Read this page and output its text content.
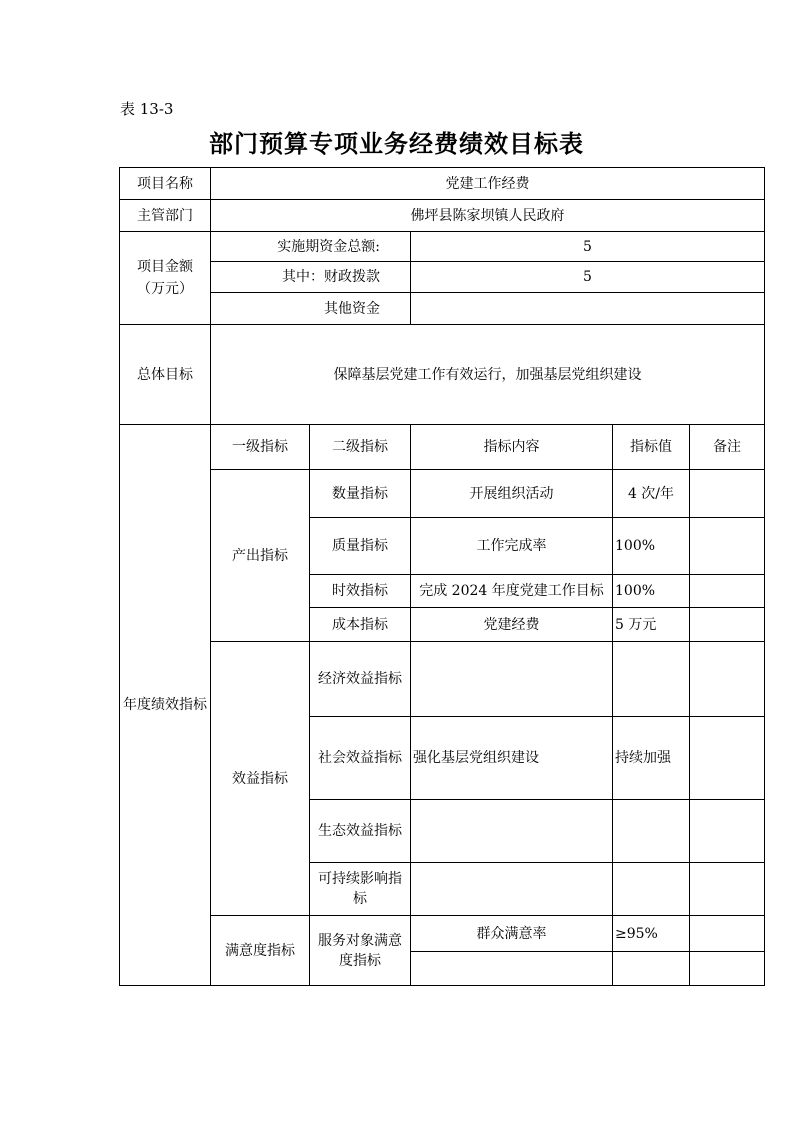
表 13-3
部门预算专项业务经费绩效目标表
项目名称	党建工作经费				
主管部门	佛坪县陈家坝镇人民政府				
项目金额
（万元）	实施期资金总额:		5		
	其中：财政拨款		5		
	其他资金				
总体目标	保障基层党建工作有效运行，加强基层党组织建设				
年度绩效指标	一级指标	二级指标	指标内容	指标值	备注
	产出指标	数量指标	开展组织活动	4 次/年	
		质量指标	工作完成率	100%	
		时效指标	完成 2024 年度党建工作目标	100%	
		成本指标	党建经费	5 万元	
	效益指标	经济效益指标			
		社会效益指标	强化基层党组织建设	持续加强	
		生态效益指标			
		可持续影响指标			
	满意度指标	服务对象满意度指标	群众满意率	≥95%	
